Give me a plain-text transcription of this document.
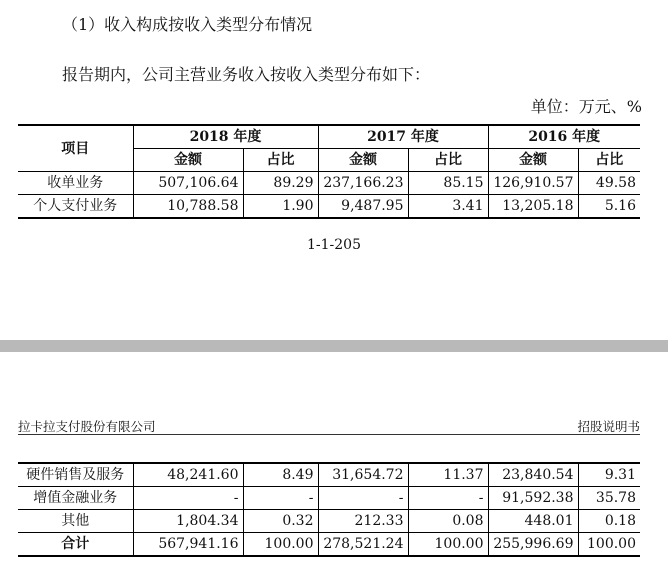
（1）收入构成按收入类型分布情况
报告期内，公司主营业务收入按收入类型分布如下：
单位：万元、%
项目	2018 年度		2017 年度		2016 年度	
	金额	占比	金额	占比	金额	占比
收单业务	507,106.64	89.29	237,166.23	85.15	126,910.57	49.58
个人支付业务	10,788.58	1.90	9,487.95	3.41	13,205.18	5.16
1-1-205
拉卡拉支付股份有限公司	招股说明书
硬件销售及服务	48,241.60	8.49	31,654.72	11.37	23,840.54	9.31
增值金融业务	-	-	-	-	91,592.38	35.78
其他	1,804.34	0.32	212.33	0.08	448.01	0.18
合计	567,941.16	100.00	278,521.24	100.00	255,996.69	100.00
